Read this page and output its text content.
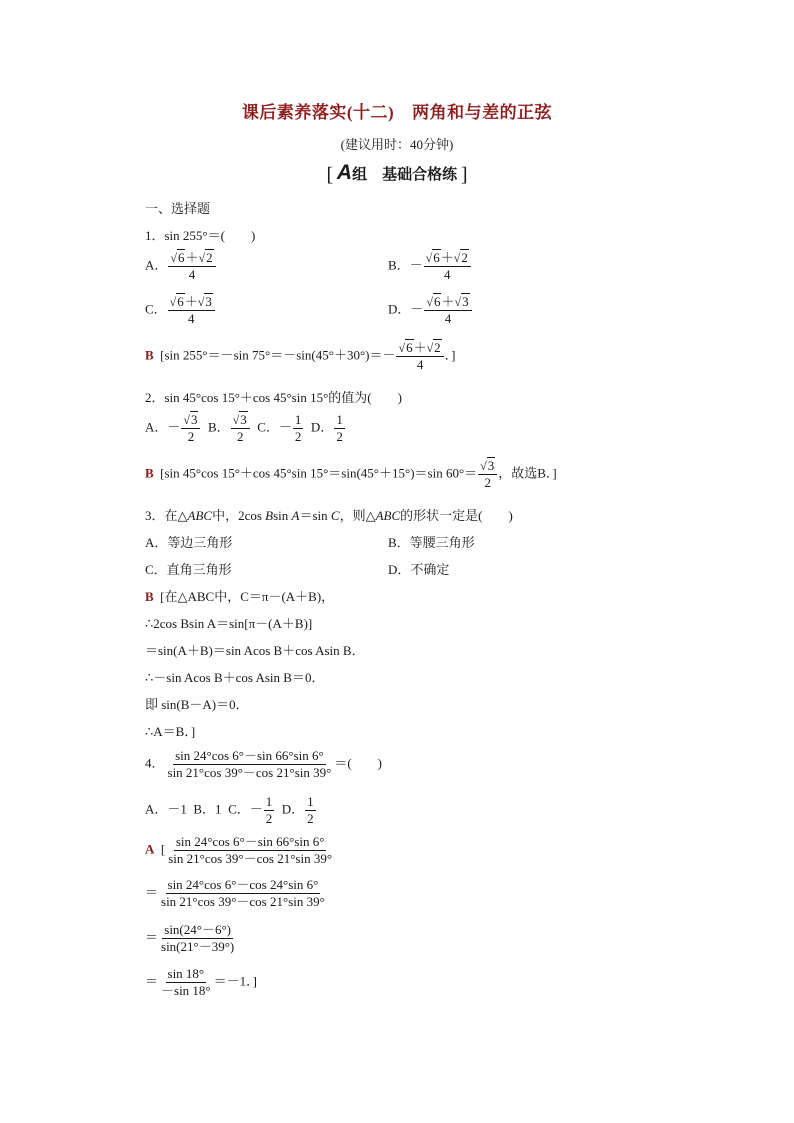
课后素养落实(十二) 两角和与差的正弦
(建议用时：40分钟)
[ A组　基础合格练 ]
一、选择题
1．sin 255°＝(　　)
A． $\frac{√6+√2}{4}$	B．－ $\frac{√6+√2}{4}$
C． $\frac{√6+√3}{4}$	D．－ $\frac{√6+√3}{4}$
B [sin 255°＝－sin $75^\circ=-\sin(45^\circ+30^\circ)=- \frac{√6+√2}{4}$ ．]
2．sin 45°cos 15°＋cos 45°sin 15°的值为(　　)
A．－ $\frac{√3}{2}$ B． $\frac{√3}{2}$ C．－ $\frac{1}{2}$ D． $\frac{1}{2}$
B [sin 45°cos 15°＋cos 45°sin 15°＝sin(45°＋15°)＝sin $60^\circ= \frac{√3}{2}$ ，故选B．]
3．在△ABC中，2cos Bsin A＝sin C，则△ABC的形状一定是(　　)
A．等边三角形	B．等腰三角形
C．直角三角形	D．不确定
B [在△ABC中，C＝π－(A＋B)，
∴2cos Bsin A＝sin[π－(A＋B)]
＝sin(A＋B)＝sin Acos B＋cos Asin B．
∴－sin Acos B＋cos Asin B＝0．
即 sin(B－A)＝0．
∴A＝B．]
4． $\frac{\sin 24^\circ\cos 6^\circ-\sin 66^\circ\sin 6^\circ}{\sin 21^\circ\cos 39^\circ-\cos 21^\circ\sin 39^\circ}$ ＝(　　)
A．－1 B．1 C．－ $\frac{1}{2}$ D． $\frac{1}{2}$
A [ $\frac{\sin 24^\circ\cos 6^\circ-\sin 66^\circ\sin 6^\circ}{\sin 21^\circ\cos 39^\circ-\cos 21^\circ\sin 39^\circ}$
＝ $\frac{\sin 24^\circ\cos 6^\circ-\cos 24^\circ\sin 6^\circ}{\sin 21^\circ\cos 39^\circ-\cos 21^\circ\sin 39^\circ}$
＝ $\frac{\sin(24^\circ-6^\circ)}{\sin(21^\circ-39^\circ)}$
＝ $\frac{\sin 18^\circ}{-\sin 18^\circ} =-1$．]
